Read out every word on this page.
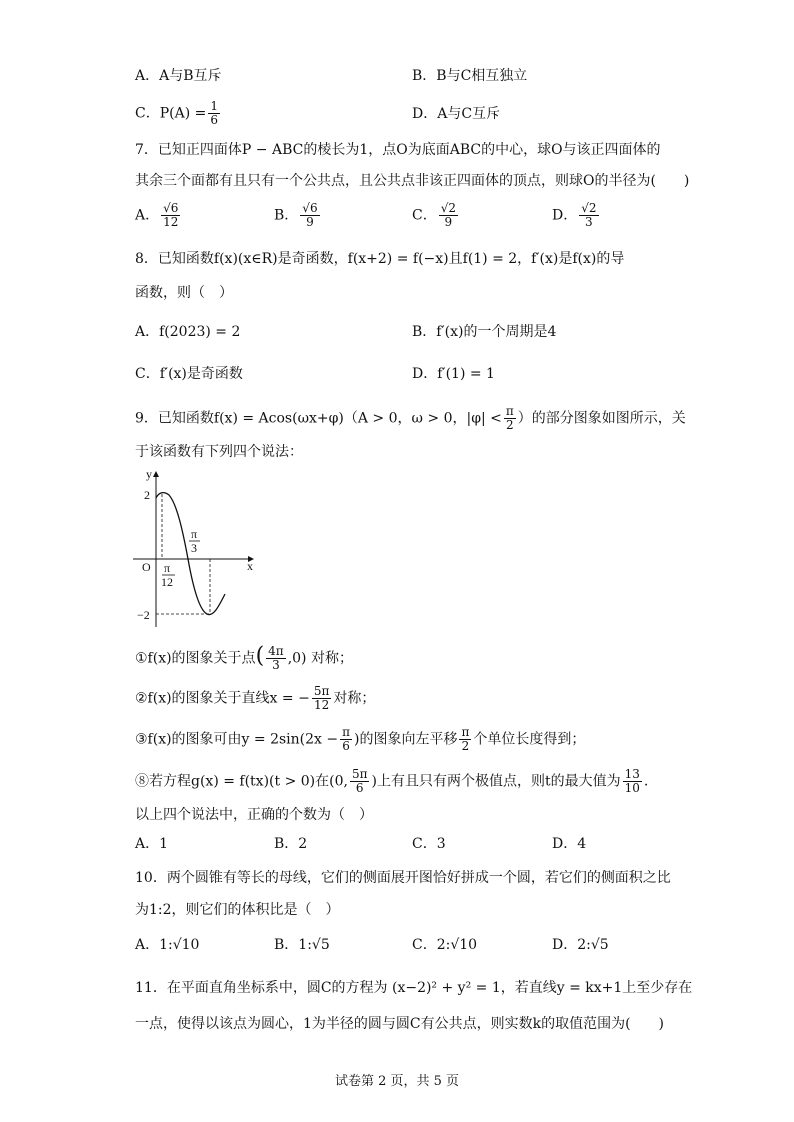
A．A与B互斥	B．B与C相互独立
C．$P(A) = \frac{1}{6}$	D．A与C互斥
7．已知正四面体P − ABC的棱长为1，点O为底面ABC的中心，球O与该正四面体的
其余三个面都有且只有一个公共点，且公共点非该正四面体的顶点，则球O的半径为(　　)
A． $\frac{√6}{12}$	B． $\frac{√6}{9}$	C． $\frac{√2}{9}$	D． $\frac{√2}{3}$
8．已知函数f(x)(x∈R)是奇函数，f(x+2) = f(−x)且f(1) = 2，f′(x)是f(x)的导
函数，则（　）
A．f(2023) = 2	B．f′(x)的一个周期是4
C．f′(x)是奇函数	D．f′(1) = 1
9．已知函数f(x) = Acos(ωx+φ)（A > 0，ω > 0，$|\varphi| < \frac{\pi}{2}$ ）的部分图象如图所示，关
于该函数有下列四个说法：
y
x
O
2
−2
π
12
π
3
①f(x)的图象关于点( $\frac{4\pi}{3} ,0$) 对称；
②f(x)的图象关于直线x = − $\frac{5\pi}{12}$ 对称；
③f(x)的图象可由$y = 2\sin(2x - \frac{\pi}{6}$ )的图象向左平移 $\frac{\pi}{2}$ 个单位长度得到；
⑧若方程g(x) = f(tx)(t > 0)在(0, $\frac{5\pi}{6}$ )上有且只有两个极值点，则t的最大值为 $\frac{13}{10}$ .
以上四个说法中，正确的个数为（　）
A．1	B．2	C．3	D．4
10．两个圆锥有等长的母线，它们的侧面展开图恰好拼成一个圆，若它们的侧面积之比
为1:2，则它们的体积比是（　）
A．1:√10	B．1:√5	C．2:√10	D．2:√5
11．在平面直角坐标系中，圆C的方程为 (x−2)² + y² = 1，若直线y = kx+1上至少存在
一点，使得以该点为圆心，1为半径的圆与圆C有公共点，则实数k的取值范围为(　　)
试卷第 2 页，共 5 页
